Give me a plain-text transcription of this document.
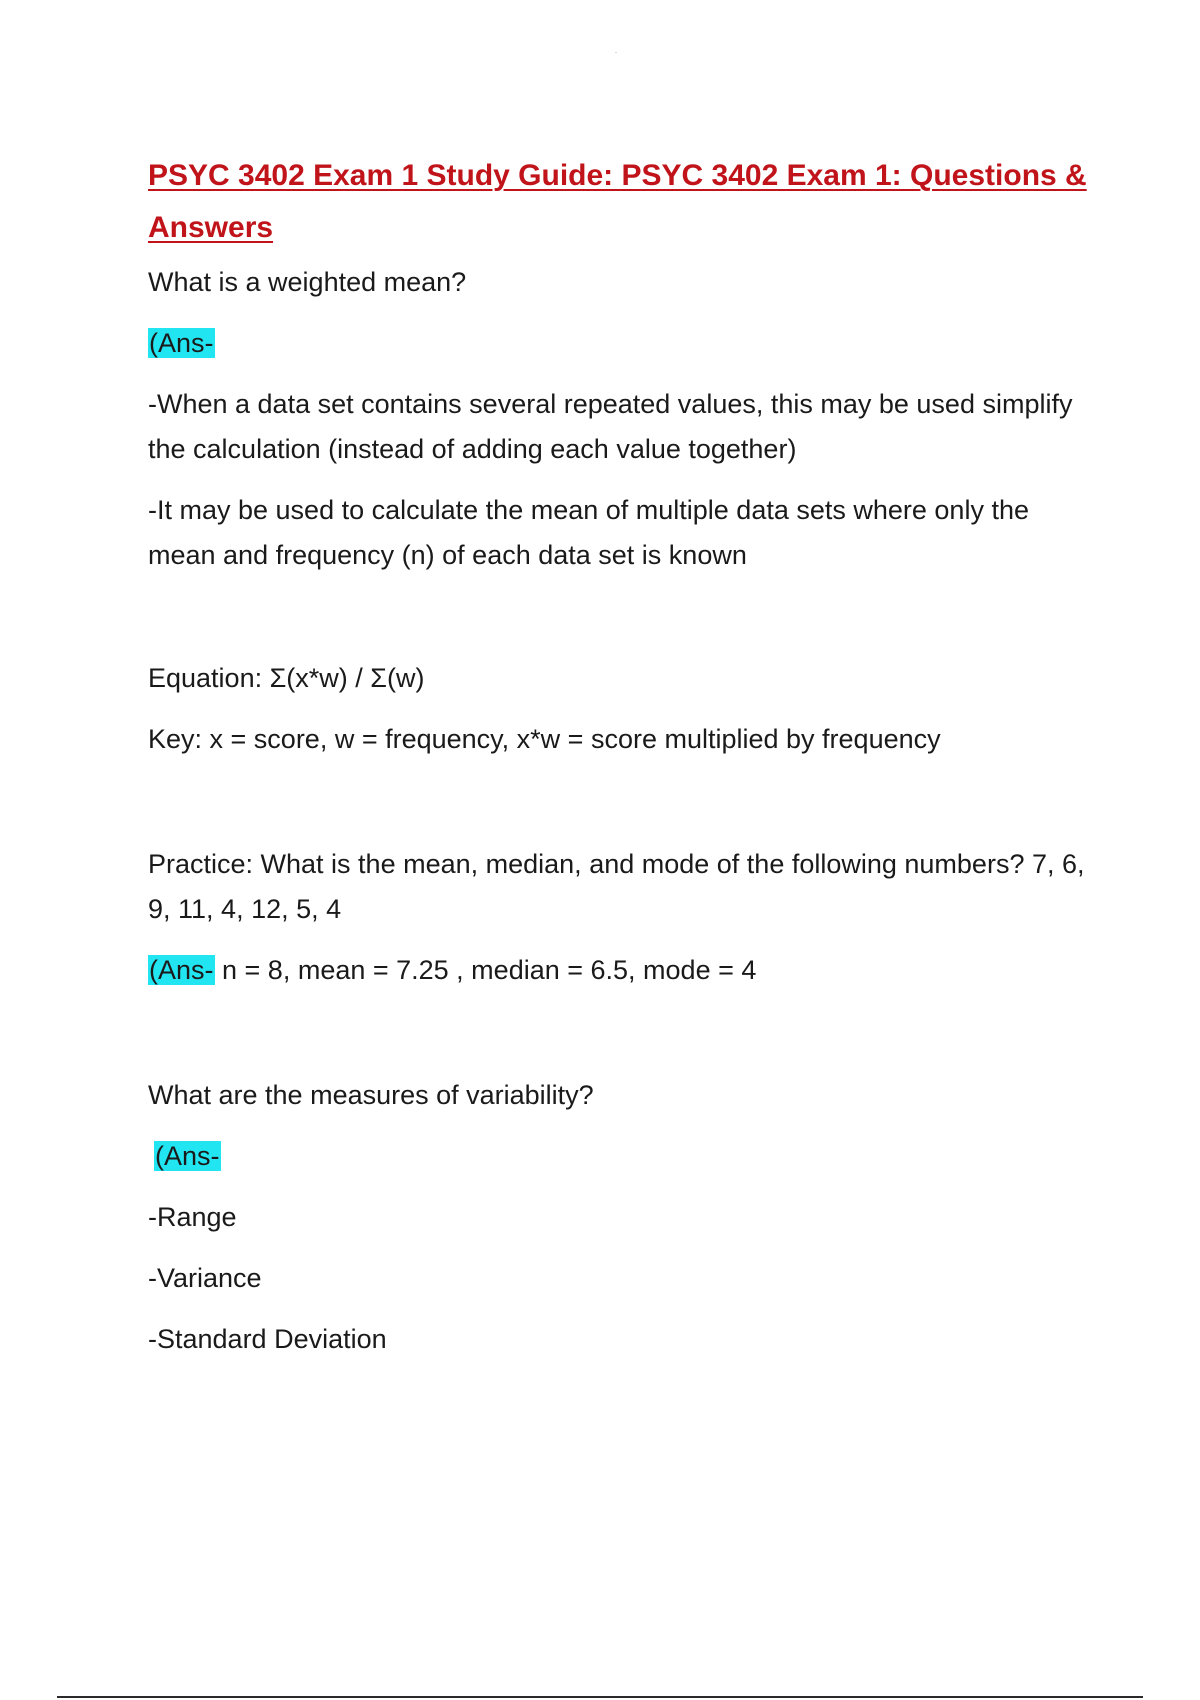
PSYC 3402 Exam 1 Study Guide: PSYC 3402 Exam 1: Questions & Answers

What is a weighted mean?

(Ans-

-When a data set contains several repeated values, this may be used simplify the calculation (instead of adding each value together)

-It may be used to calculate the mean of multiple data sets where only the mean and frequency (n) of each data set is known

Equation: Σ(x*w) / Σ(w)

Key: x = score, w = frequency, x*w = score multiplied by frequency

Practice: What is the mean, median, and mode of the following numbers? 7, 6, 9, 11, 4, 12, 5, 4

(Ans- n = 8, mean = 7.25 , median = 6.5, mode = 4

What are the measures of variability?

(Ans-

-Range

-Variance

-Standard Deviation
